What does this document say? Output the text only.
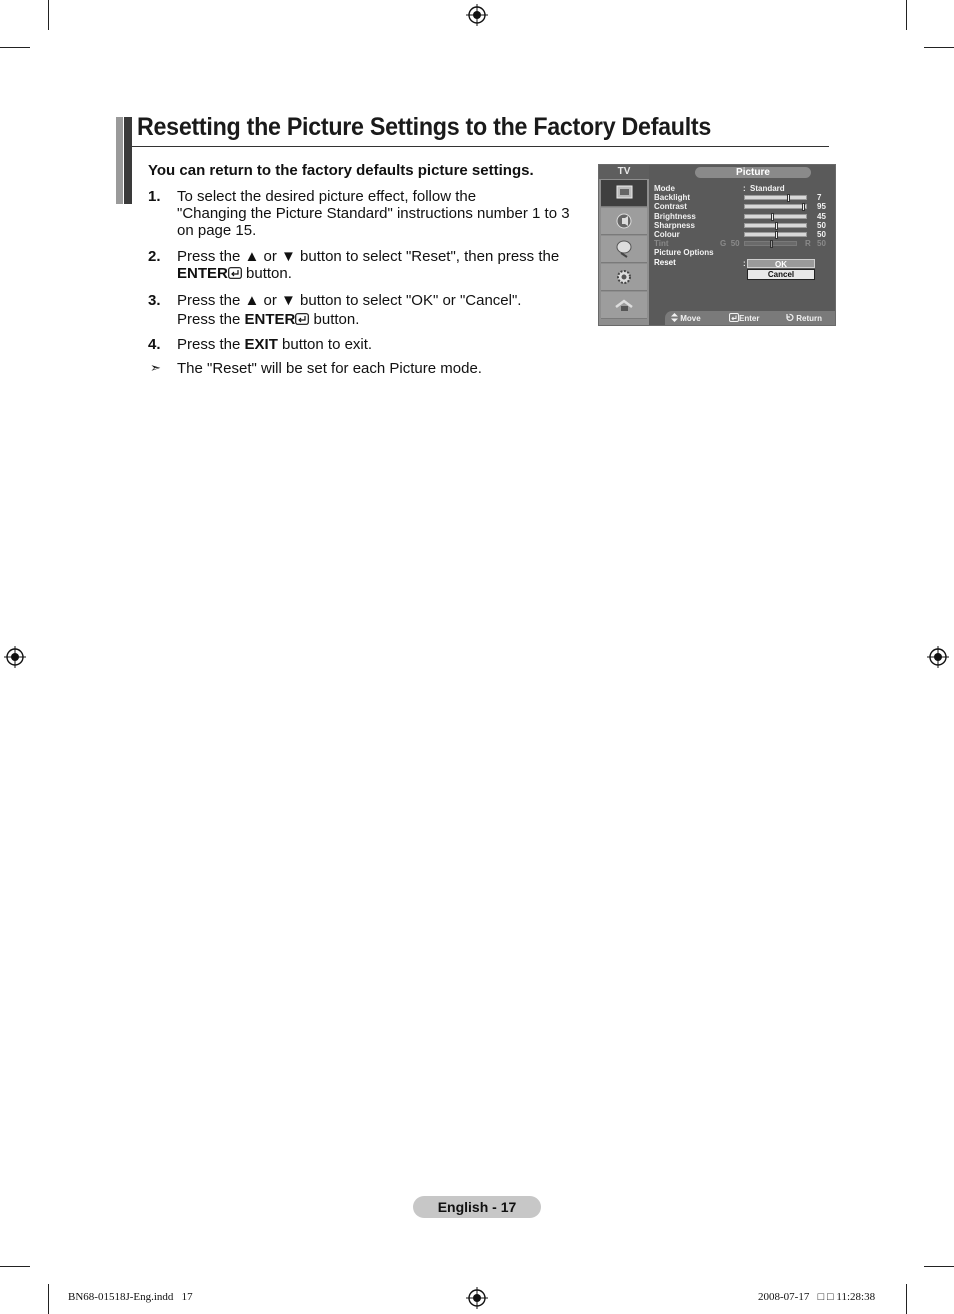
Resetting the Picture Settings to the Factory Defaults
You can return to the factory defaults picture settings.
1. To select the desired picture effect, follow the
"Changing the Picture Standard" instructions number 1 to 3
on page 15.
2. Press the ▲ or ▼ button to select "Reset", then press the
ENTER button.
3. Press the ▲ or ▼ button to select "OK" or "Cancel".
Press the ENTER button.
4. Press the EXIT button to exit.
➣ The "Reset" will be set for each Picture mode.
TV	Picture
Mode	: Standard
Backlight	7
Contrast	95
Brightness	45
Sharpness	50
Colour	50
Tint	G 50	R 50
Picture Options
Reset	:	OK
Cancel
Move	Enter	Return
English - 17
BN68-01518J-Eng.indd   17	2008-07-17   □ □ 11:28:38
